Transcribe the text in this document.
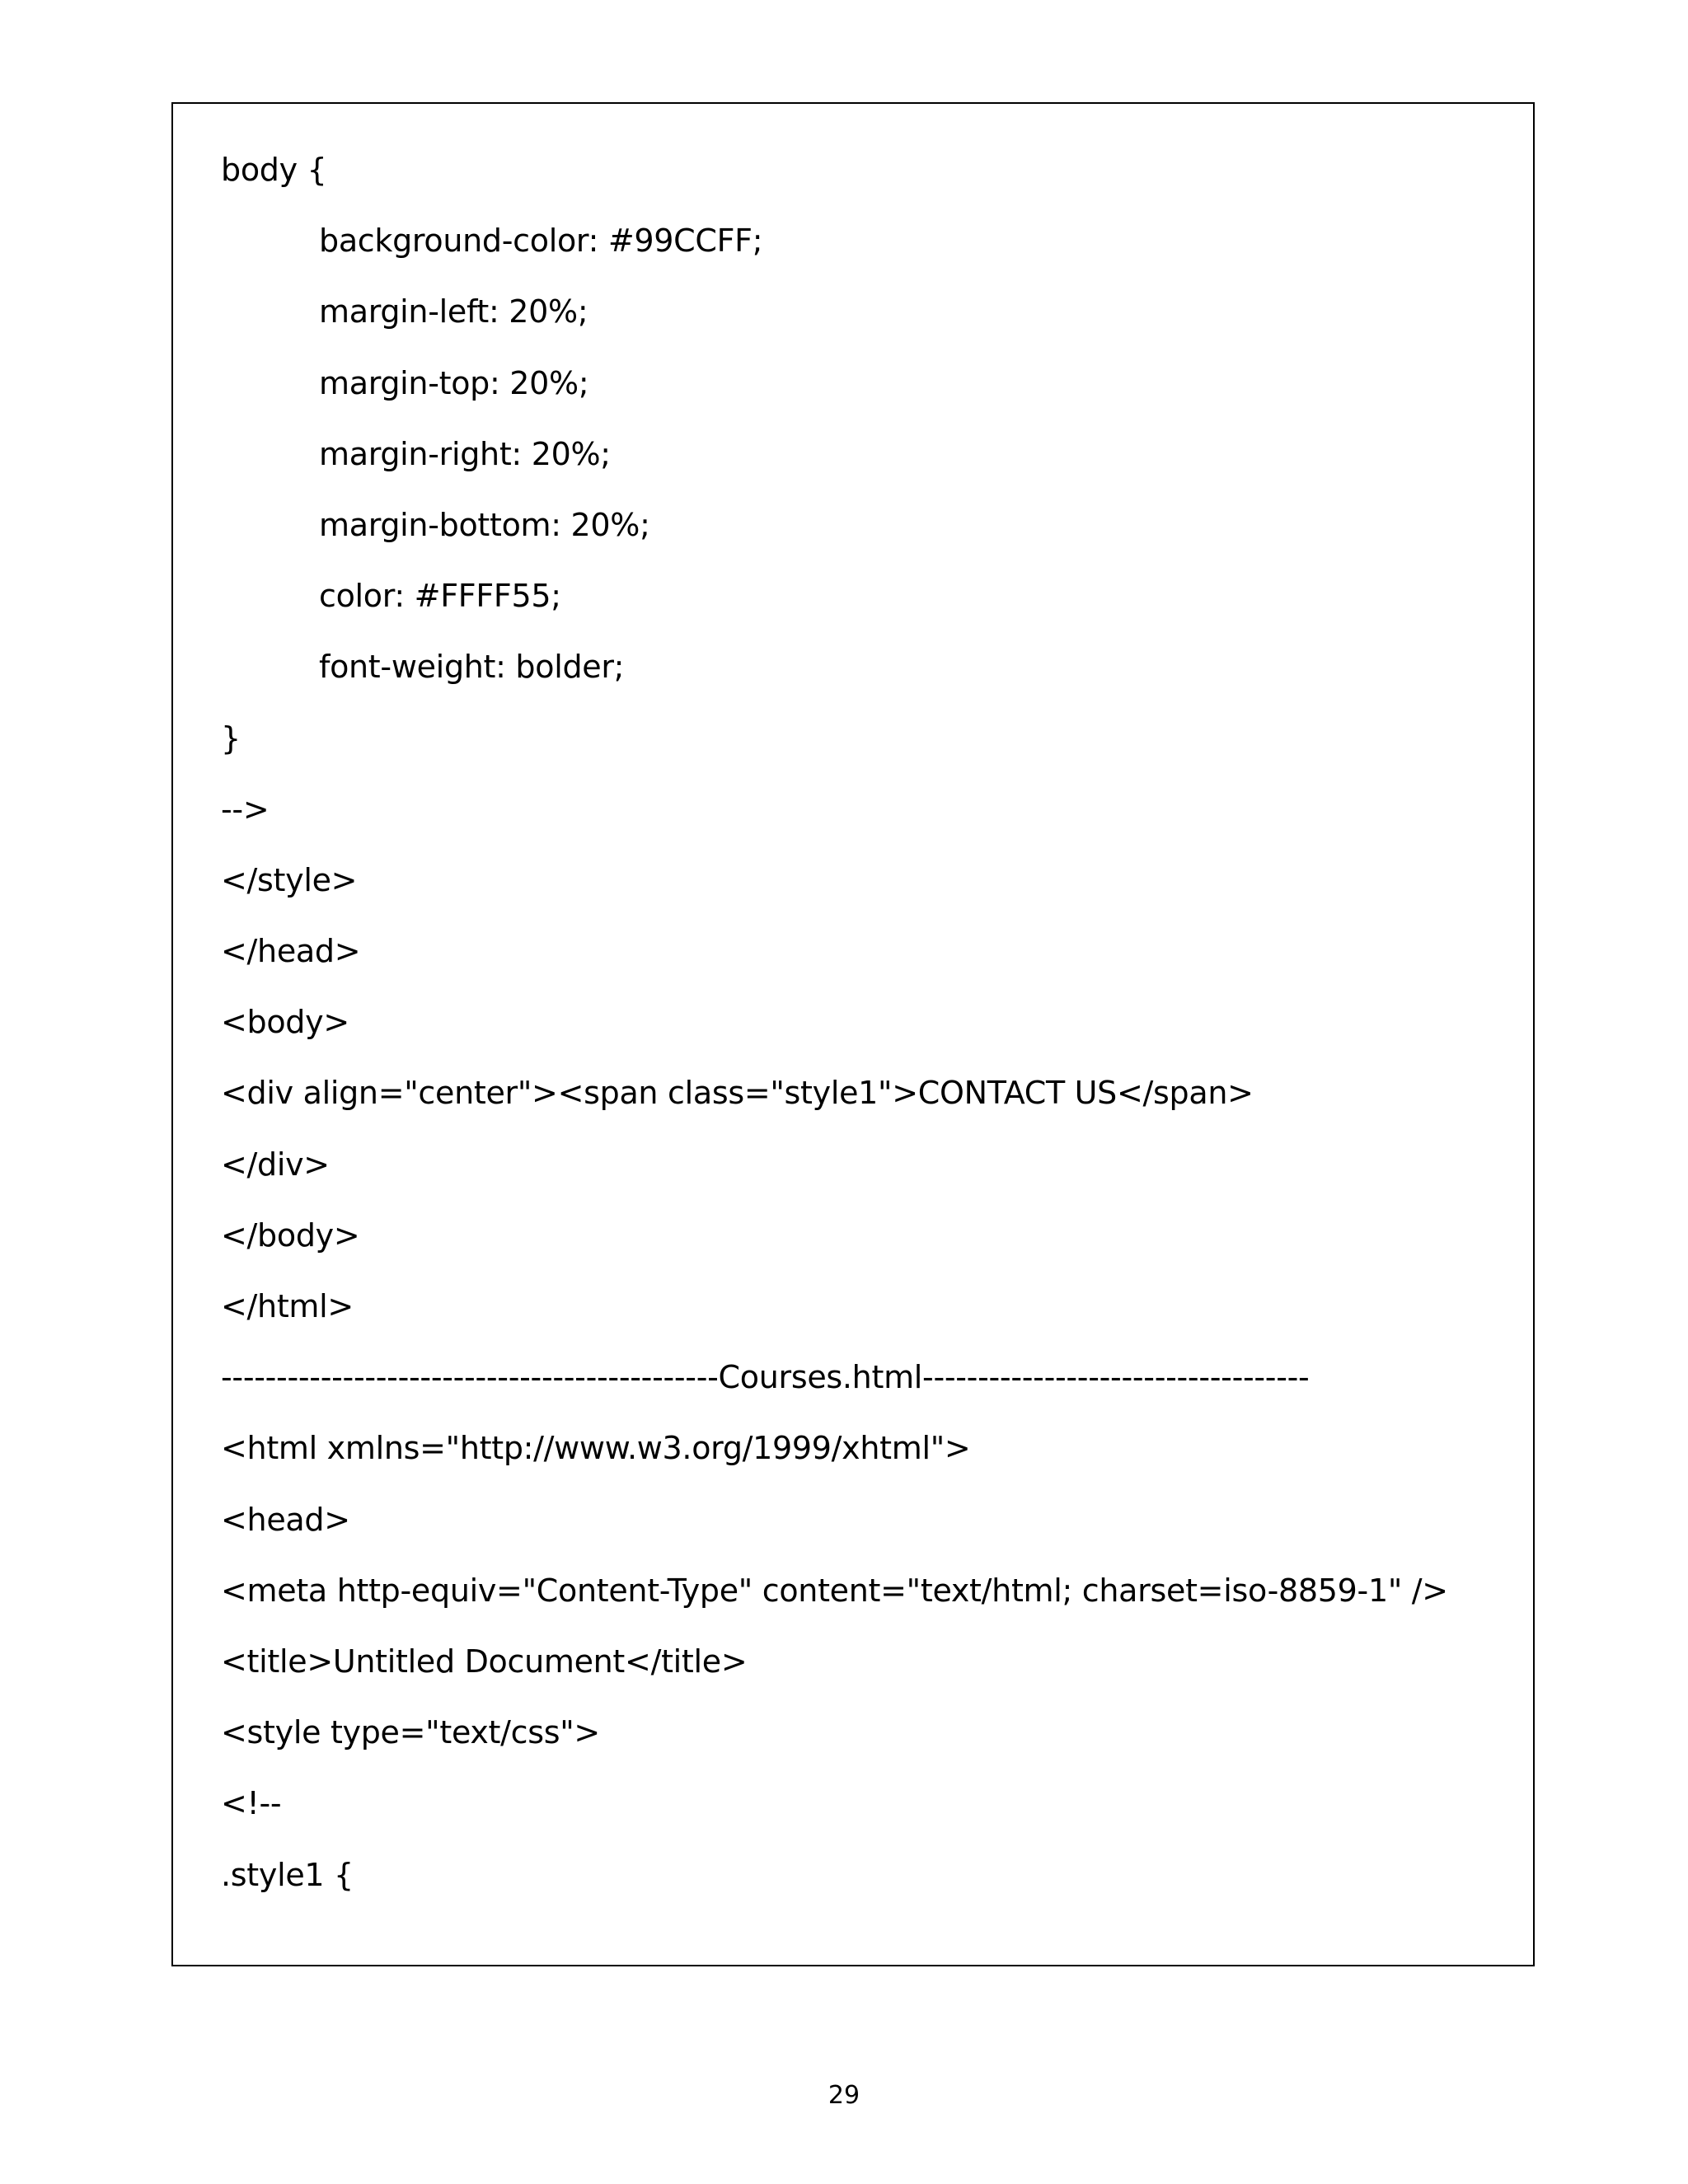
body {
background-color: #99CCFF;
margin-left: 20%;
margin-top: 20%;
margin-right: 20%;
margin-bottom: 20%;
color: #FFFF55;
font-weight: bolder;
}
-->
</style>
</head>
<body>
<div align="center"><span class="style1">CONTACT US</span>
</div>
</body>
</html>
---------------------------------------------Courses.html-----------------------------------
<html xmlns="http://www.w3.org/1999/xhtml">
<head>
<meta http-equiv="Content-Type" content="text/html; charset=iso-8859-1" />
<title>Untitled Document</title>
<style type="text/css">
<!--
.style1 {
29
